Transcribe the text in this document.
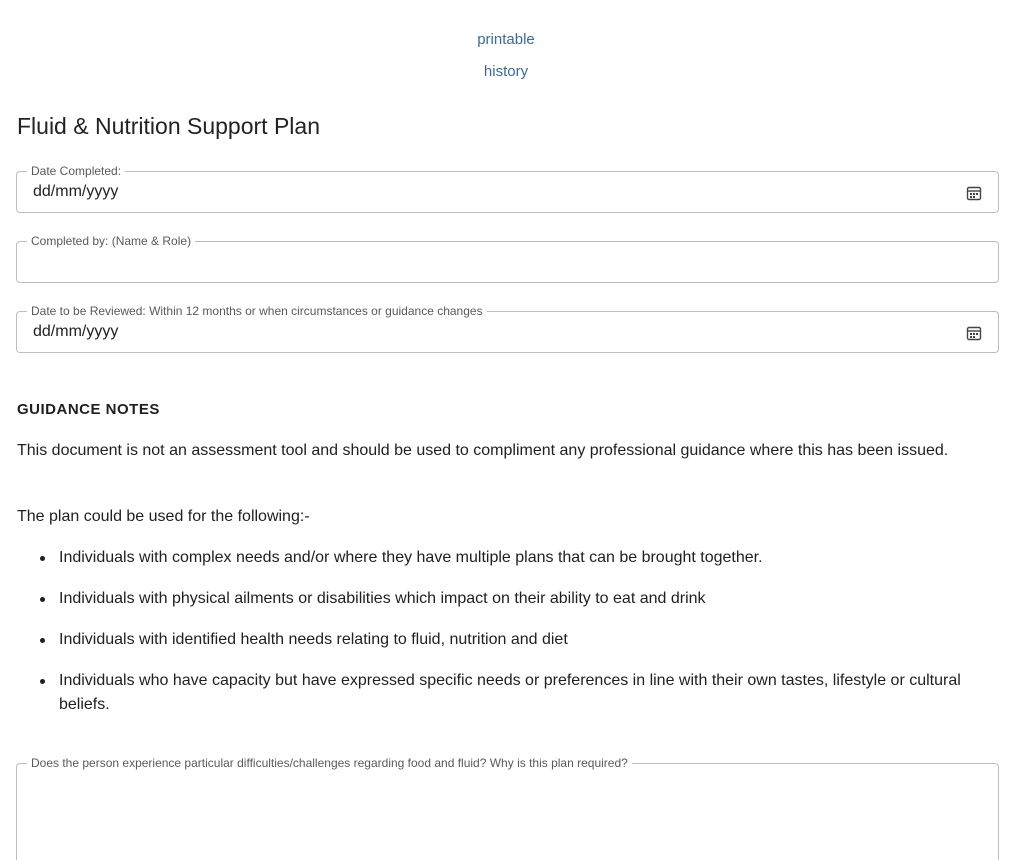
printable
history
Fluid & Nutrition Support Plan
Date Completed:
dd/mm/yyyy
Completed by: (Name & Role)
Date to be Reviewed: Within 12 months or when circumstances or guidance changes
dd/mm/yyyy
GUIDANCE NOTES

This document is not an assessment tool and should be used to compliment any professional guidance where this has been issued.

The plan could be used for the following:-

Individuals with complex needs and/or where they have multiple plans that can be brought together.
Individuals with physical ailments or disabilities which impact on their ability to eat and drink
Individuals with identified health needs relating to fluid, nutrition and diet
Individuals who have capacity but have expressed specific needs or preferences in line with their own tastes, lifestyle or cultural beliefs.
Does the person experience particular difficulties/challenges regarding food and fluid? Why is this plan required?
